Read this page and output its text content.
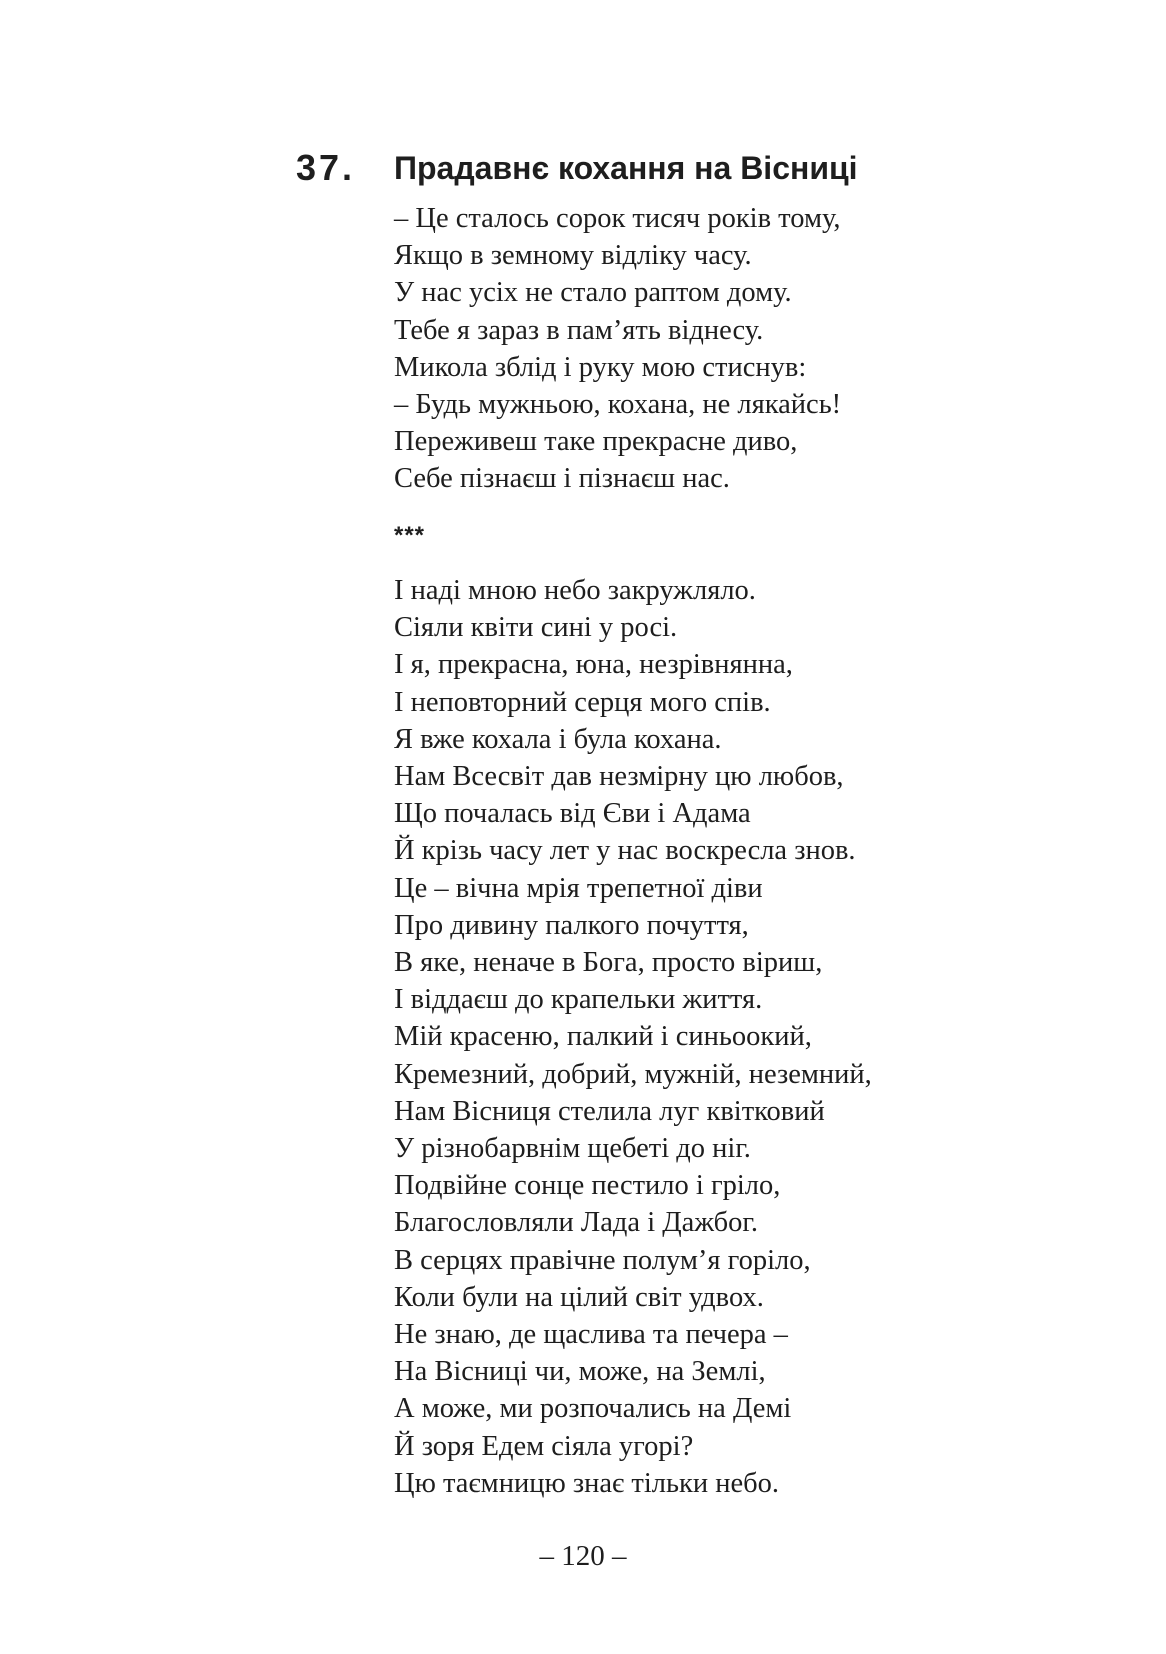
37. Прадавнє кохання на Вісниці
– Це сталось сорок тисяч років тому,
Якщо в земному відліку часу.
У нас усіх не стало раптом дому.
Тебе я зараз в пам’ять віднесу.
Микола зблід і руку мою стиснув:
– Будь мужньою, кохана, не лякайсь!
Переживеш таке прекрасне диво,
Себе пізнаєш і пізнаєш нас.
***
І наді мною небо закружляло.
Сіяли квіти сині у росі.
І я, прекрасна, юна, незрівнянна,
І неповторний серця мого спів.
Я вже кохала і була кохана.
Нам Всесвіт дав незмірну цю любов,
Що почалась від Єви і Адама
Й крізь часу лет у нас воскресла знов.
Це – вічна мрія трепетної діви
Про дивину палкого почуття,
В яке, неначе в Бога, просто віриш,
І віддаєш до крапельки життя.
Мій красеню, палкий і синьоокий,
Кремезний, добрий, мужній, неземний,
Нам Вісниця стелила луг квітковий
У різнобарвнім щебеті до ніг.
Подвійне сонце пестило і гріло,
Благословляли Лада і Дажбог.
В серцях правічне полум’я горіло,
Коли були на цілий світ удвох.
Не знаю, де щаслива та печера –
На Вісниці чи, може, на Землі,
А може, ми розпочались на Демі
Й зоря Едем сіяла угорі?
Цю таємницю знає тільки небо.
– 120 –
